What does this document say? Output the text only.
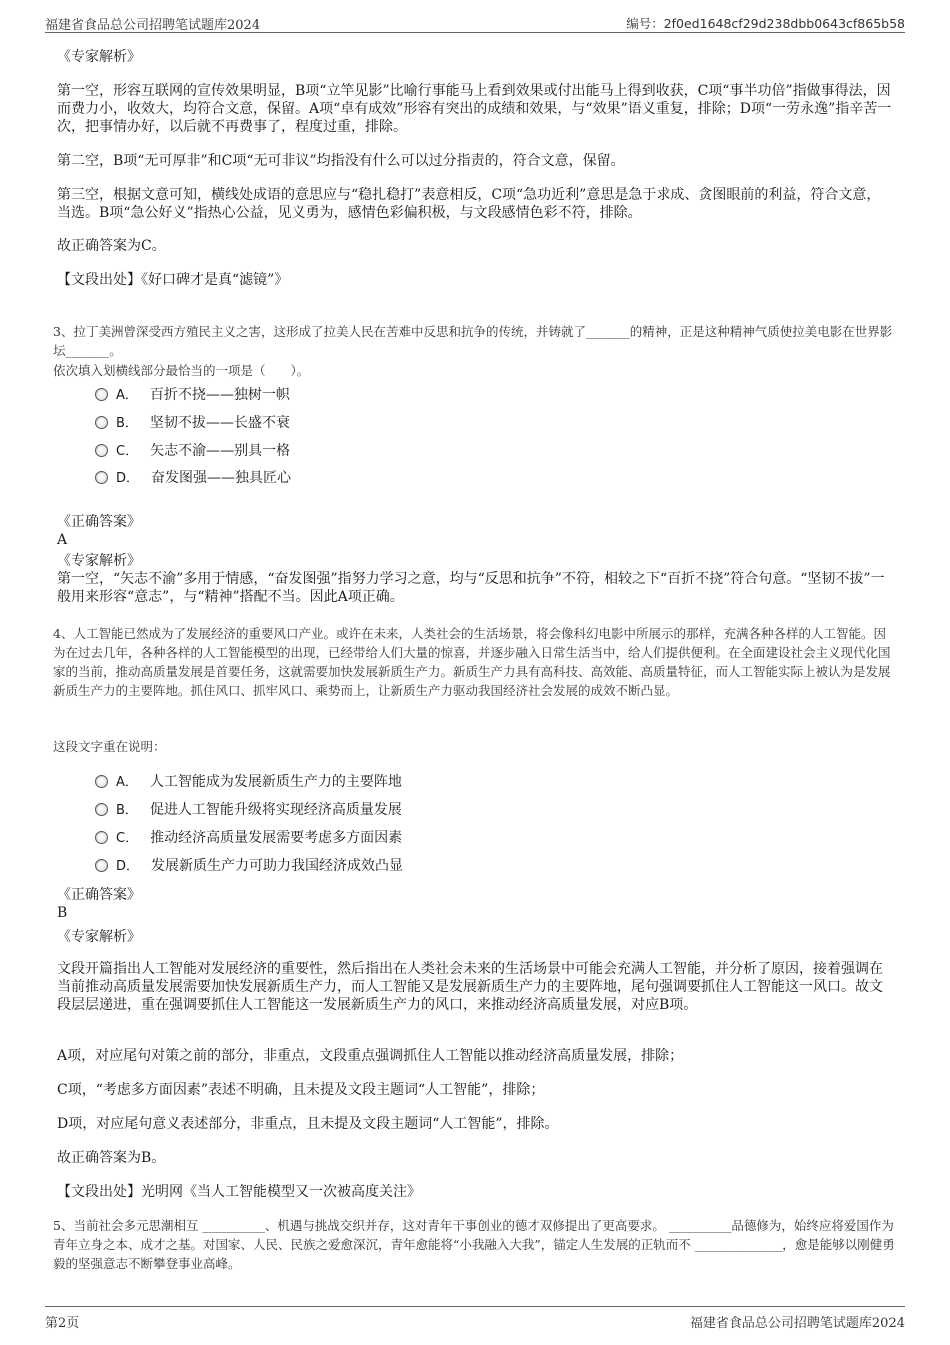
福建省食品总公司招聘笔试题库2024	编号：2f0ed1648cf29d238dbb0643cf865b58

《专家解析》

第一空，形容互联网的宣传效果明显，B项“立竿见影”比喻行事能马上看到效果或付出能马上得到收获，C项“事半功倍”指做事得法，因而费力小，收效大，均符合文意，保留。A项“卓有成效”形容有突出的成绩和效果，与“效果”语义重复，排除；D项“一劳永逸”指辛苦一次，把事情办好，以后就不再费事了，程度过重，排除。

第二空，B项“无可厚非”和C项“无可非议”均指没有什么可以过分指责的，符合文意，保留。

第三空，根据文意可知，横线处成语的意思应与“稳扎稳打”表意相反，C项“急功近利”意思是急于求成、贪图眼前的利益，符合文意，当选。B项“急公好义”指热心公益，见义勇为，感情色彩偏积极，与文段感情色彩不符，排除。

故正确答案为C。

【文段出处】《好口碑才是真“滤镜”》

3、拉丁美洲曾深受西方殖民主义之害，这形成了拉美人民在苦难中反思和抗争的传统，并铸就了_______的精神，正是这种精神气质使拉美电影在世界影坛_______。

依次填入划横线部分最恰当的一项是（　　）。

A． 百折不挠——独树一帜
B． 坚韧不拔——长盛不衰
C． 矢志不渝——别具一格
D． 奋发图强——独具匠心

《正确答案》

A

《专家解析》

第一空，“矢志不渝”多用于情感，“奋发图强”指努力学习之意，均与“反思和抗争”不符，相较之下“百折不挠”符合句意。“坚韧不拔”一般用来形容“意志”，与“精神”搭配不当。因此A项正确。

4、人工智能已然成为了发展经济的重要风口产业。或许在未来，人类社会的生活场景，将会像科幻电影中所展示的那样，充满各种各样的人工智能。因为在过去几年，各种各样的人工智能模型的出现，已经带给人们大量的惊喜，并逐步融入日常生活当中，给人们提供便利。在全面建设社会主义现代化国家的当前，推动高质量发展是首要任务，这就需要加快发展新质生产力。新质生产力具有高科技、高效能、高质量特征，而人工智能实际上被认为是发展新质生产力的主要阵地。抓住风口、抓牢风口、乘势而上，让新质生产力驱动我国经济社会发展的成效不断凸显。

这段文字重在说明：

A． 人工智能成为发展新质生产力的主要阵地
B． 促进人工智能升级将实现经济高质量发展
C． 推动经济高质量发展需要考虑多方面因素
D． 发展新质生产力可助力我国经济成效凸显

《正确答案》

B

《专家解析》

文段开篇指出人工智能对发展经济的重要性，然后指出在人类社会未来的生活场景中可能会充满人工智能，并分析了原因，接着强调在当前推动高质量发展需要加快发展新质生产力，而人工智能又是发展新质生产力的主要阵地，尾句强调要抓住人工智能这一风口。故文段层层递进，重在强调要抓住人工智能这一发展新质生产力的风口，来推动经济高质量发展，对应B项。

A项，对应尾句对策之前的部分，非重点，文段重点强调抓住人工智能以推动经济高质量发展，排除；

C项，“考虑多方面因素”表述不明确，且未提及文段主题词“人工智能”，排除；

D项，对应尾句意义表述部分，非重点，且未提及文段主题词“人工智能”，排除。

故正确答案为B。

【文段出处】光明网《当人工智能模型又一次被高度关注》

5、当前社会多元思潮相互 __________、机遇与挑战交织并存，这对青年干事创业的德才双修提出了更高要求。 __________品德修为，始终应将爱国作为青年立身之本、成才之基。对国家、人民、民族之爱愈深沉，青年愈能将“小我融入大我”，锚定人生发展的正轨而不 ______________，愈是能够以刚健勇毅的坚强意志不断攀登事业高峰。

第2页	福建省食品总公司招聘笔试题库2024
